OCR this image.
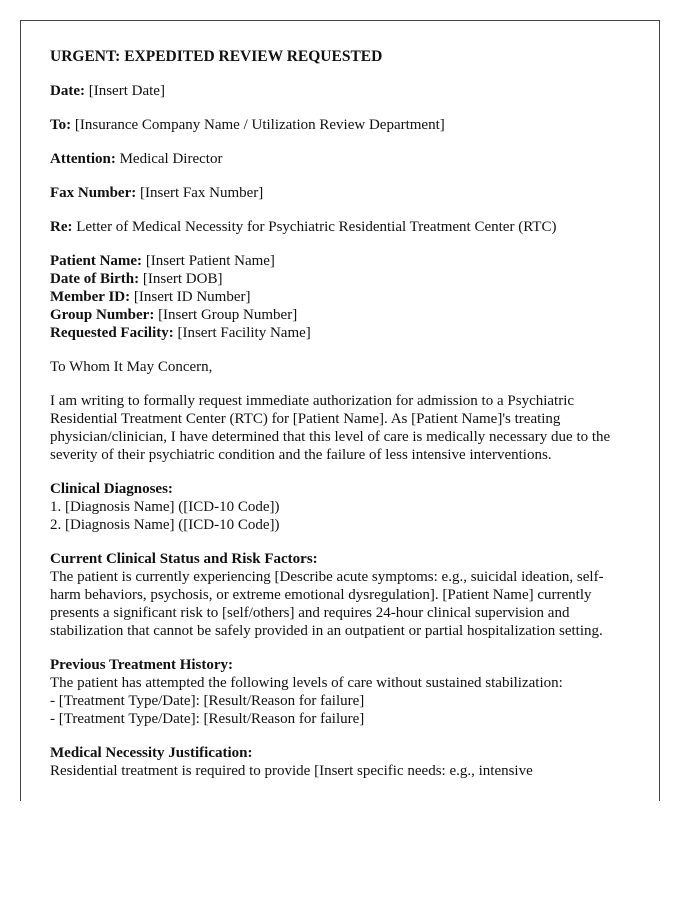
URGENT: EXPEDITED REVIEW REQUESTED

Date: [Insert Date]

To: [Insurance Company Name / Utilization Review Department]

Attention: Medical Director

Fax Number: [Insert Fax Number]

Re: Letter of Medical Necessity for Psychiatric Residential Treatment Center (RTC)

Patient Name: [Insert Patient Name]

Date of Birth: [Insert DOB]

Member ID: [Insert ID Number]

Group Number: [Insert Group Number]

Requested Facility: [Insert Facility Name]

To Whom It May Concern,

I am writing to formally request immediate authorization for admission to a Psychiatric Residential Treatment Center (RTC) for [Patient Name]. As [Patient Name]'s treating physician/clinician, I have determined that this level of care is medically necessary due to the severity of their psychiatric condition and the failure of less intensive interventions.

Clinical Diagnoses:

1. [Diagnosis Name] ([ICD-10 Code])

2. [Diagnosis Name] ([ICD-10 Code])

Current Clinical Status and Risk Factors:

The patient is currently experiencing [Describe acute symptoms: e.g., suicidal ideation, self-harm behaviors, psychosis, or extreme emotional dysregulation]. [Patient Name] currently presents a significant risk to [self/others] and requires 24-hour clinical supervision and stabilization that cannot be safely provided in an outpatient or partial hospitalization setting.

Previous Treatment History:

The patient has attempted the following levels of care without sustained stabilization:

- [Treatment Type/Date]: [Result/Reason for failure]

- [Treatment Type/Date]: [Result/Reason for failure]

Medical Necessity Justification:

Residential treatment is required to provide [Insert specific needs: e.g., intensive
